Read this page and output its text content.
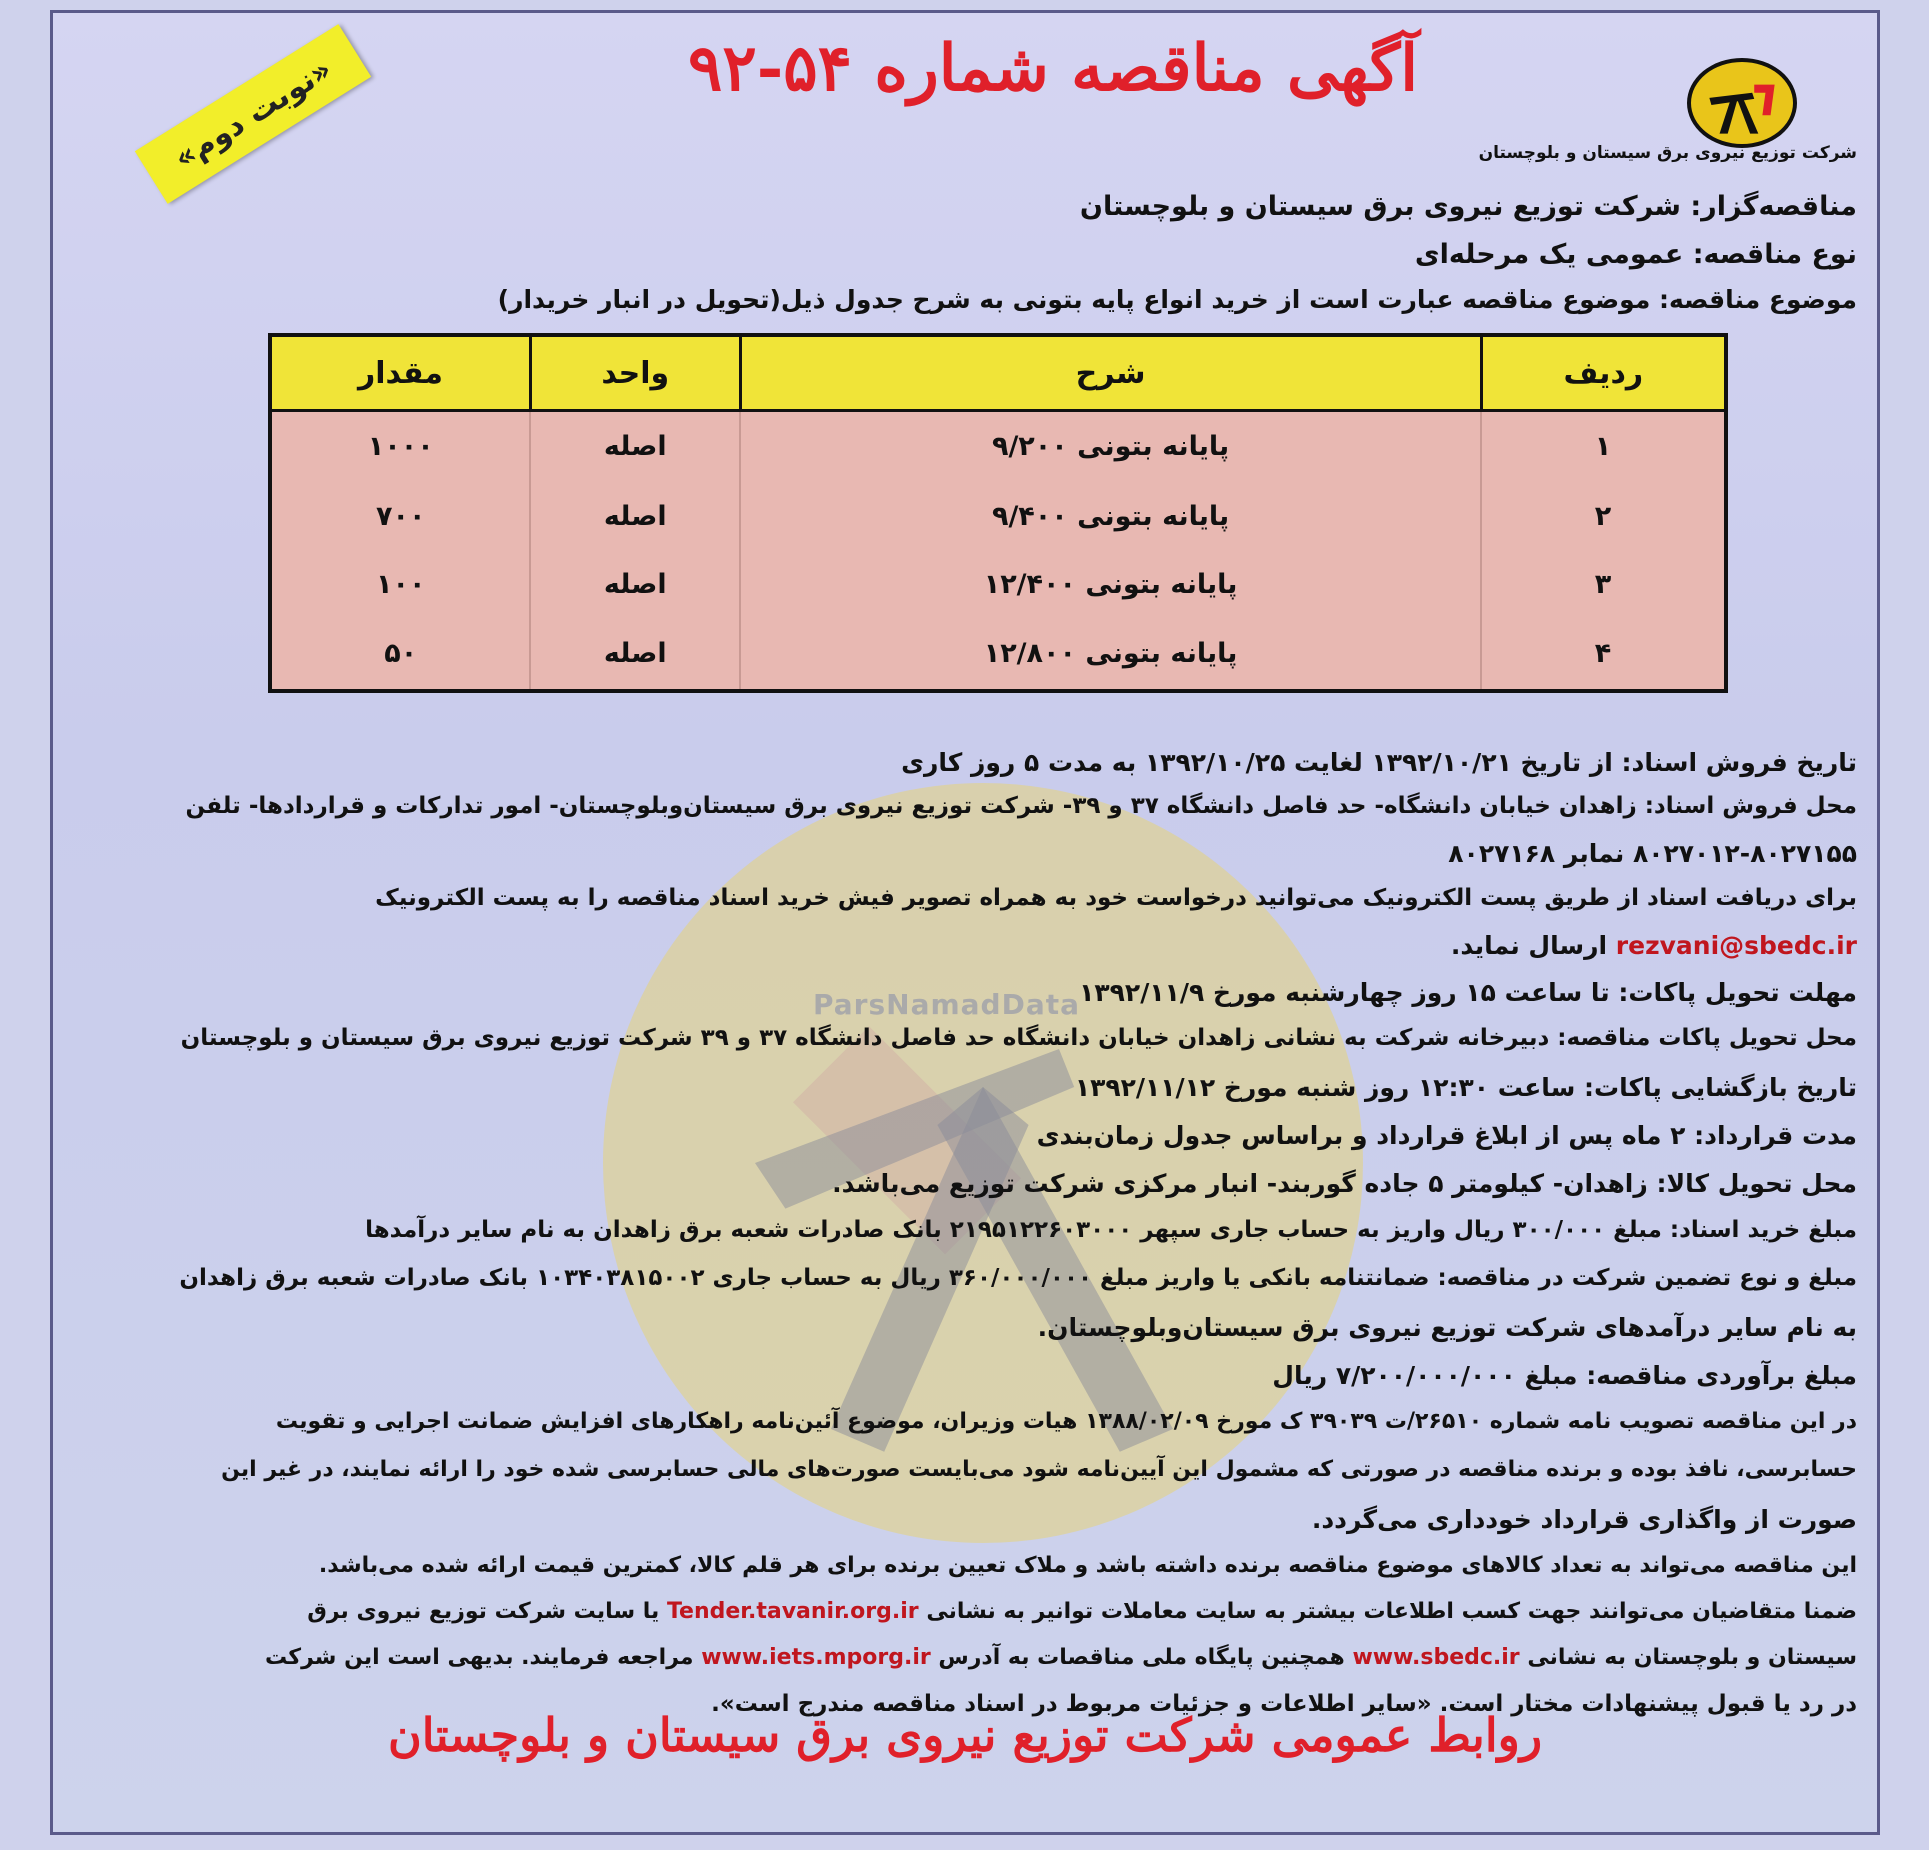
ParsNamadData
آگهی مناقصه شماره ۵۴-۹۲
شرکت توزیع نیروی برق سیستان و بلوچستان
«نوبت دوم»
مناقصه‌گزار: شرکت توزیع نیروی برق سیستان و بلوچستان
نوع مناقصه: عمومی یک مرحله‌ای
موضوع مناقصه: موضوع مناقصه عبارت است از خرید انواع پایه بتونی به شرح جدول ذیل(تحویل در انبار خریدار)
ردیف	شرح	واحد	مقدار
۱	پایانه بتونی ۹/۲۰۰	اصله	۱۰۰۰
۲	پایانه بتونی ۹/۴۰۰	اصله	۷۰۰
۳	پایانه بتونی ۱۲/۴۰۰	اصله	۱۰۰
۴	پایانه بتونی ۱۲/۸۰۰	اصله	۵۰
تاریخ فروش اسناد: از تاریخ ۱۳۹۲/۱۰/۲۱ لغایت ۱۳۹۲/۱۰/۲۵ به مدت ۵ روز کاری
محل فروش اسناد: زاهدان خیابان دانشگاه- حد فاصل دانشگاه ۳۷ و ۳۹- شرکت توزیع نیروی برق سیستان‌وبلوچستان- امور تدارکات و قراردادها- تلفن
۸۰۲۷۰۱۲-۸۰۲۷۱۵۵ نمابر ۸۰۲۷۱۶۸
برای دریافت اسناد از طریق پست الکترونیک می‌توانید درخواست خود به همراه تصویر فیش خرید اسناد مناقصه را به پست الکترونیک
rezvani@sbedc.ir ارسال نماید.
مهلت تحویل پاکات: تا ساعت ۱۵ روز چهارشنبه مورخ ۱۳۹۲/۱۱/۹
محل تحویل پاکات مناقصه: دبیرخانه شرکت به نشانی زاهدان خیابان دانشگاه حد فاصل دانشگاه ۳۷ و ۳۹ شرکت توزیع نیروی برق سیستان و بلوچستان
تاریخ بازگشایی پاکات: ساعت ۱۲:۳۰ روز شنبه مورخ ۱۳۹۲/۱۱/۱۲
مدت قرارداد: ۲ ماه پس از ابلاغ قرارداد و براساس جدول زمان‌بندی
محل تحویل کالا: زاهدان- کیلومتر ۵ جاده گوربند- انبار مرکزی شرکت توزیع می‌باشد.
مبلغ خرید اسناد: مبلغ ۳۰۰/۰۰۰ ریال واریز به حساب جاری سپهر ۲۱۹۵۱۲۲۶۰۳۰۰۰ بانک صادرات شعبه برق زاهدان به نام سایر درآمدها
مبلغ و نوع تضمین شرکت در مناقصه: ضمانتنامه بانکی یا واریز مبلغ ۳۶۰/۰۰۰/۰۰۰ ریال به حساب جاری ۱۰۳۴۰۳۸۱۵۰۰۲ بانک صادرات شعبه برق زاهدان
به نام سایر درآمدهای شرکت توزیع نیروی برق سیستان‌وبلوچستان.
مبلغ برآوردی مناقصه: مبلغ ۷/۲۰۰/۰۰۰/۰۰۰ ریال
در این مناقصه تصویب نامه شماره ۲۶۵۱۰/ت ۳۹۰۳۹ ک مورخ ۱۳۸۸/۰۲/۰۹ هیات وزیران، موضوع آئین‌نامه راهکارهای افزایش ضمانت اجرایی و تقویت
حسابرسی، نافذ بوده و برنده مناقصه در صورتی که مشمول این آیین‌نامه شود می‌بایست صورت‌های مالی حسابرسی شده خود را ارائه نمایند، در غیر این
صورت از واگذاری قرارداد خودداری می‌گردد.
این مناقصه می‌تواند به تعداد کالاهای موضوع مناقصه برنده داشته باشد و ملاک تعیین برنده برای هر قلم کالا، کمترین قیمت ارائه شده می‌باشد.
ضمنا متقاضیان می‌توانند جهت کسب اطلاعات بیشتر به سایت معاملات توانیر به نشانی Tender.tavanir.org.ir یا سایت شرکت توزیع نیروی برق
سیستان و بلوچستان به نشانی www.sbedc.ir همچنین پایگاه ملی مناقصات به آدرس www.iets.mporg.ir مراجعه فرمایند. بدیهی است این شرکت
در رد یا قبول پیشنهادات مختار است. «سایر اطلاعات و جزئیات مربوط در اسناد مناقصه مندرج است».
روابط عمومی شرکت توزیع نیروی برق سیستان و بلوچستان
